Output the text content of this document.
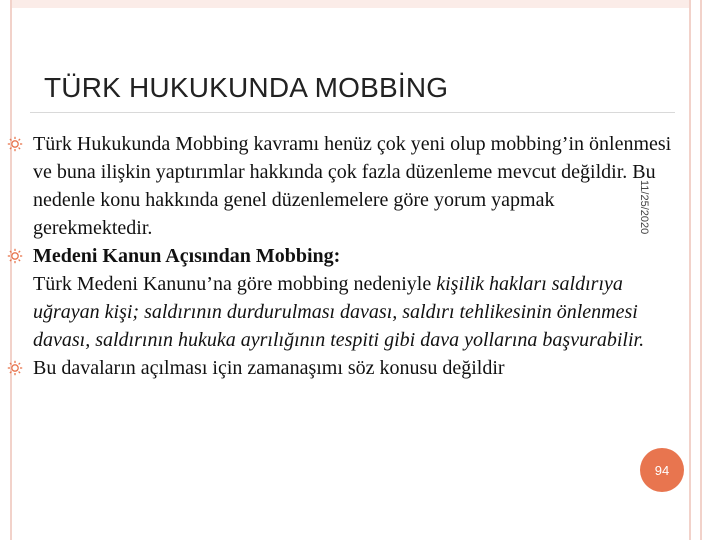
TÜRK HUKUKUNDA MOBBİNG
11/25/2020

Türk Hukukunda Mobbing kavramı henüz çok yeni olup mobbing’in önlenmesi ve buna ilişkin yaptırımlar hakkında çok fazla düzenleme mevcut değildir. Bu nedenle konu hakkında genel düzenlemelere göre yorum yapmak gerekmektedir.

Medeni Kanun Açısından Mobbing:
Türk Medeni Kanunu’na göre mobbing nedeniyle kişilik hakları saldırıya uğrayan kişi; saldırının durdurulması davası, saldırı tehlikesinin önlenmesi davası, saldırının hukuka ayrılığının tespiti gibi dava yollarına başvurabilir.

Bu davaların açılması için zamanaşımı söz konusu değildir

94
